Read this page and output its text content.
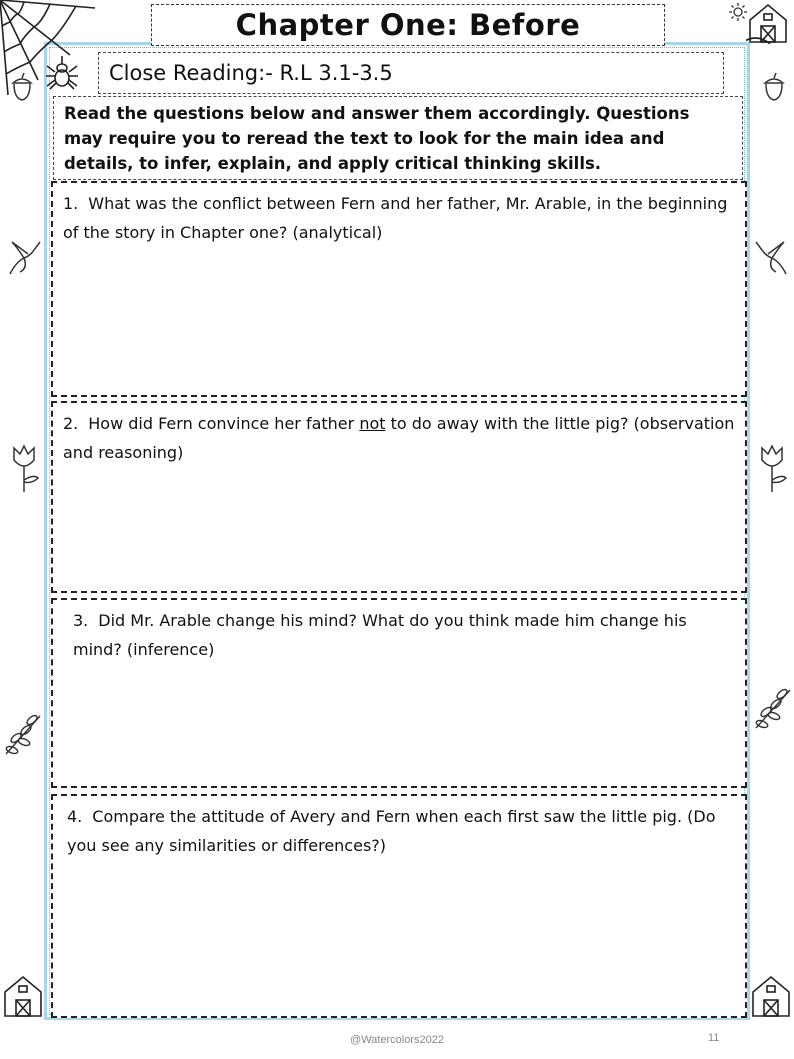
Chapter One: Before
Close Reading:- R.L 3.1-3.5
Read the questions below and answer them accordingly. Questions may require you to reread the text to look for the main idea and details, to infer, explain, and apply critical thinking skills.
1. What was the conflict between Fern and her father, Mr. Arable, in the beginning of the story in Chapter one? (analytical)
2. How did Fern convince her father not to do away with the little pig? (observation and reasoning)
3. Did Mr. Arable change his mind? What do you think made him change his mind? (inference)
4. Compare the attitude of Avery and Fern when each first saw the little pig. (Do you see any similarities or differences?)
@Watercolors2022	11
